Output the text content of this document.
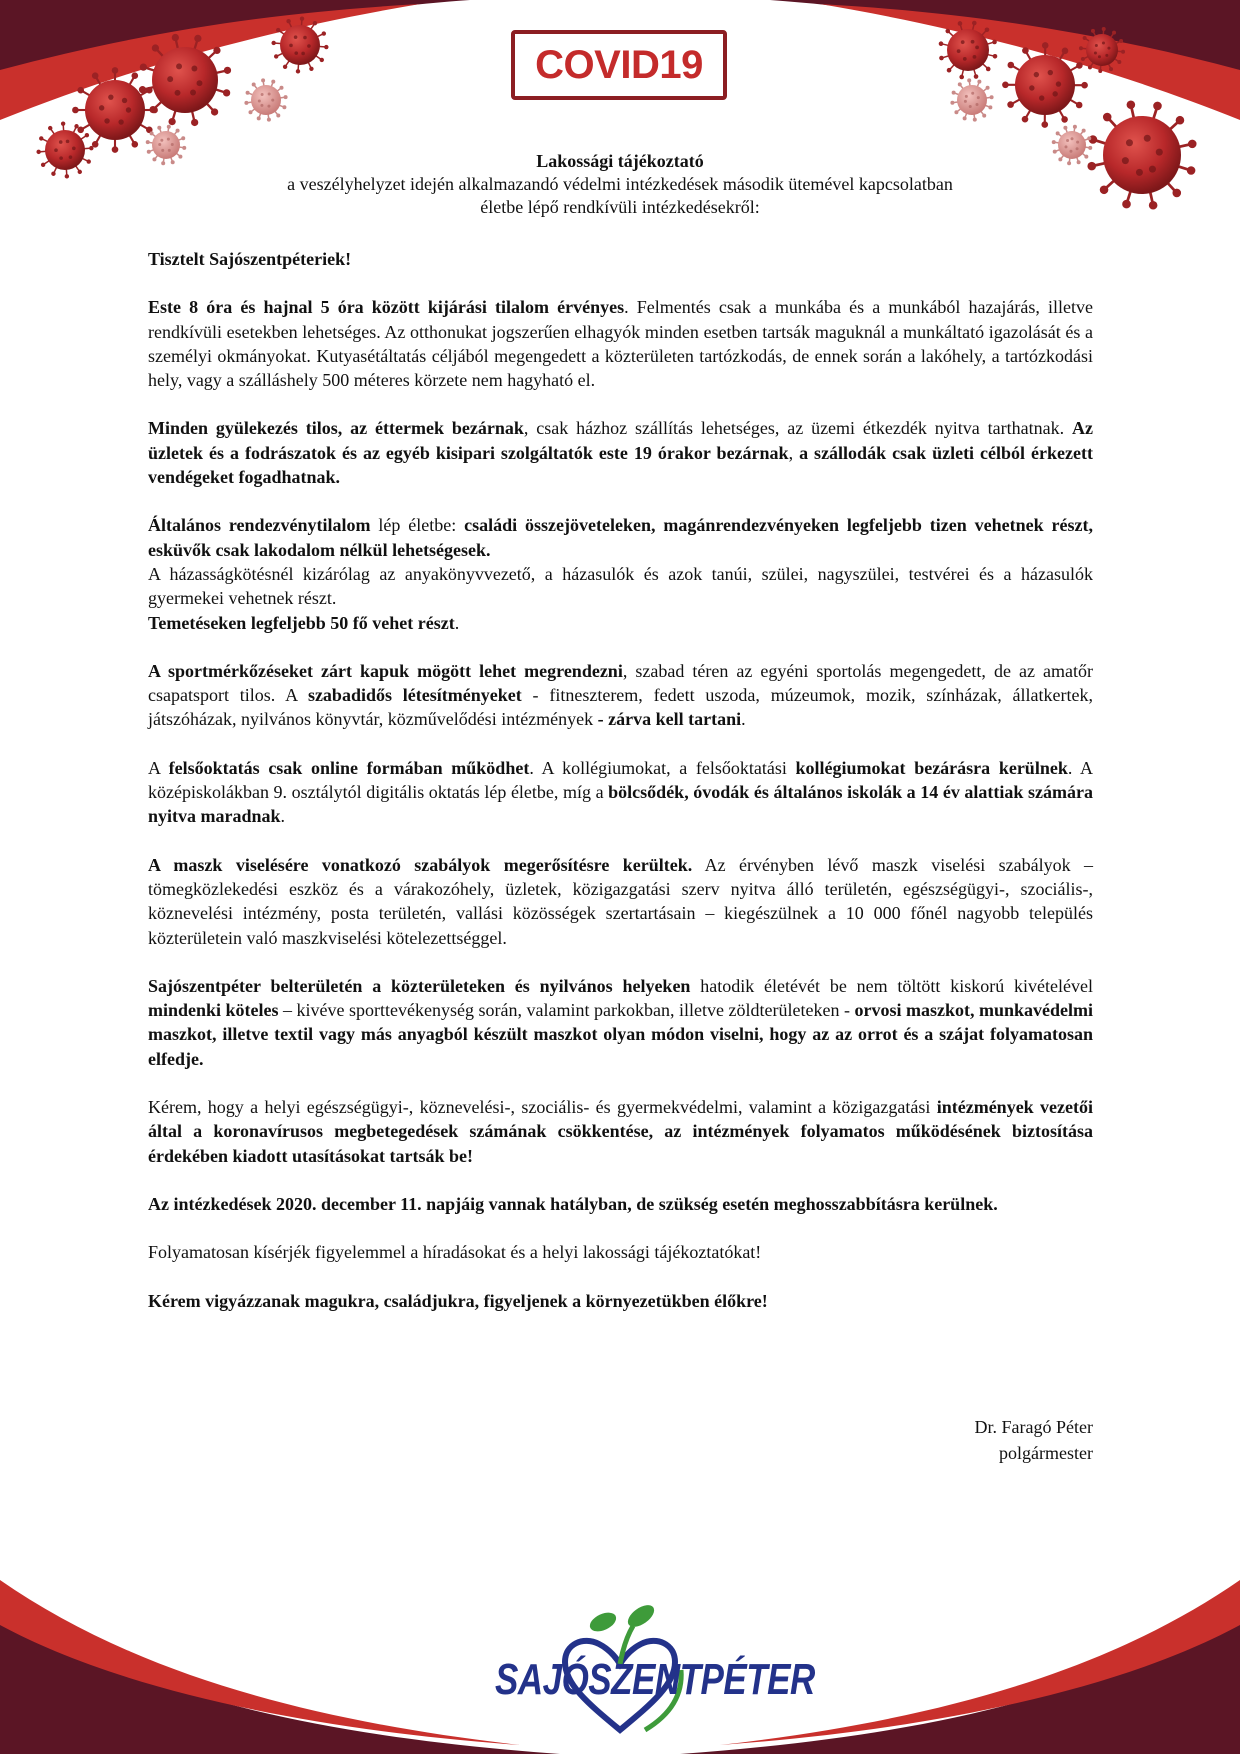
COVID19
Lakossági tájékoztató
a veszélyhelyzet idején alkalmazandó védelmi intézkedések második ütemével kapcsolatban
életbe lépő rendkívüli intézkedésekről:

Tisztelt Sajószentpéteriek!

Este 8 óra és hajnal 5 óra között kijárási tilalom érvényes. Felmentés csak a munkába és a munkából hazajárás, illetve rendkívüli esetekben lehetséges. Az otthonukat jogszerűen elhagyók minden esetben tartsák maguknál a munkáltató igazolását és a személyi okmányokat. Kutyasétáltatás céljából megengedett a közterületen tartózkodás, de ennek során a lakóhely, a tartózkodási hely, vagy a szálláshely 500 méteres körzete nem hagyható el.

Minden gyülekezés tilos, az éttermek bezárnak, csak házhoz szállítás lehetséges, az üzemi étkezdék nyitva tarthatnak. Az üzletek és a fodrászatok és az egyéb kisipari szolgáltatók este 19 órakor bezárnak, a szállodák csak üzleti célból érkezett vendégeket fogadhatnak.

Általános rendezvénytilalom lép életbe: családi összejöveteleken, magánrendezvényeken legfeljebb tizen vehetnek részt, esküvők csak lakodalom nélkül lehetségesek.

A házasságkötésnél kizárólag az anyakönyvvezető, a házasulók és azok tanúi, szülei, nagyszülei, testvérei és a házasulók gyermekei vehetnek részt.

Temetéseken legfeljebb 50 fő vehet részt.

A sportmérkőzéseket zárt kapuk mögött lehet megrendezni, szabad téren az egyéni sportolás megengedett, de az amatőr csapatsport tilos. A szabadidős létesítményeket - fitneszterem, fedett uszoda, múzeumok, mozik, színházak, állatkertek, játszóházak, nyilvános könyvtár, közművelődési intézmények - zárva kell tartani.

A felsőoktatás csak online formában működhet. A kollégiumokat, a felsőoktatási kollégiumokat bezárásra kerülnek. A középiskolákban 9. osztálytól digitális oktatás lép életbe, míg a bölcsődék, óvodák és általános iskolák a 14 év alattiak számára nyitva maradnak.

A maszk viselésére vonatkozó szabályok megerősítésre kerültek. Az érvényben lévő maszk viselési szabályok – tömegközlekedési eszköz és a várakozóhely, üzletek, közigazgatási szerv nyitva álló területén, egészségügyi-, szociális-, köznevelési intézmény, posta területén, vallási közösségek szertartásain – kiegészülnek a 10 000 főnél nagyobb település közterületein való maszkviselési kötelezettséggel.

Sajószentpéter belterületén a közterületeken és nyilvános helyeken hatodik életévét be nem töltött kiskorú kivételével mindenki köteles – kivéve sporttevékenység során, valamint parkokban, illetve zöldterületeken - orvosi maszkot, munkavédelmi maszkot, illetve textil vagy más anyagból készült maszkot olyan módon viselni, hogy az az orrot és a szájat folyamatosan elfedje.

Kérem, hogy a helyi egészségügyi-, köznevelési-, szociális- és gyermekvédelmi, valamint a közigazgatási intézmények vezetői által a koronavírusos megbetegedések számának csökkentése, az intézmények folyamatos működésének biztosítása érdekében kiadott utasításokat tartsák be!

Az intézkedések 2020. december 11. napjáig vannak hatályban, de szükség esetén meghosszabbításra kerülnek.

Folyamatosan kísérjék figyelemmel a híradásokat és a helyi lakossági tájékoztatókat!

Kérem vigyázzanak magukra, családjukra, figyeljenek a környezetükben élőkre!

Dr. Faragó Péter
polgármester
SAJÓSZENTPÉTER
